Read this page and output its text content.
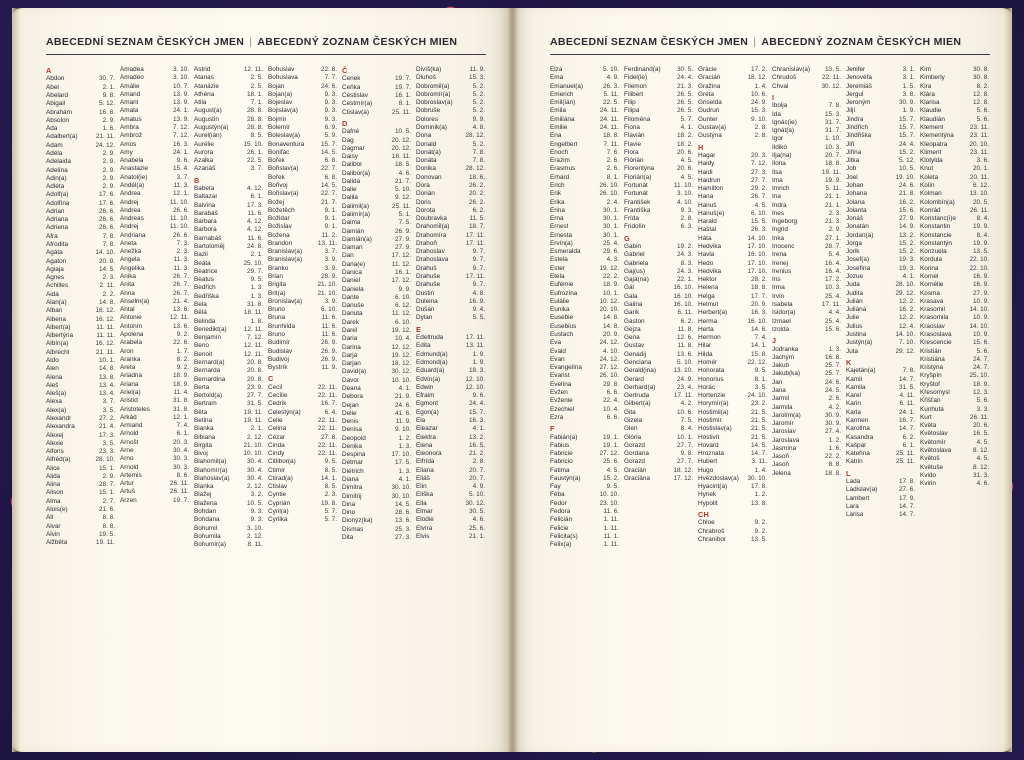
ABECEDNÍ SEZNAM ČESKÝCH JMEN | ABECEDNÝ ZOZNAM ČESKÝCH MIEN
A
Abdon	30. 7.
Ábel	2. 1.
Abelard	9. 8.
Abigail	5. 12.
Abrahám	16. 8.
Absolon	2. 9.
Áda	1. 6.
Adalbert(a)	21. 11.
Adam	24. 12.
Adéla	2. 9.
Adelaida	2. 9.
Adelína	2. 9.
Adin(a)	2. 9.
Adléta	2. 9.
Adolf(a)	17. 6.
Adolfína	17. 6.
Adrian	26. 6.
Adriana	26. 6.
Adriena	26. 6.
Afra	7. 8.
Afrodita	7. 8.
Agáta	14. 10.
Agaton	20. 9.
Agiaja	14. 5.
Agnes	2. 3.
Achilles	2. 11.
Aida	2. 2.
Alan(a)	14. 8.
Alban	16. 12.
Albena	16. 12.
Albert(a)	11. 11.
Albertýna	11. 11.
Albín(a)	16. 12.
Albrecht	21. 11.
Aldo	10. 1.
Alen	14. 8.
Alena	13. 8.
Aleš	13. 4.
Aleš(a)	13. 4.
Alexa	3. 7.
Alex(a)	3. 5.
Alexandr	27. 2.
Alexandra	21. 4.
Alexej	17. 3.
Alexie	3. 5.
Alfons	23. 3.
Alfréd(a)	28. 10.
Alice	15. 1.
Alida	2. 9.
Alina	28. 7.
Alison	15. 1.
Alma	2. 7.
Alois(e)	21. 6.
Alt	8. 8.
Alvar	8. 8.
Alvin	19. 5.
Alžběta	19. 11.
Amadea	3. 10.
Amadeo	3. 10.
Amálie	10. 7.
Amand	13. 9.
Amant	13. 9.
Amata	24. 1.
Amatus	13. 9.
Ambra	7. 12.
Ambrož	7. 12.
Amos	16. 3.
Amy	24. 1.
Anabela	9. 6.
Anastazie	15. 4.
Anatol(ie)	3. 7.
Andél(a)	11. 3.
Andrea	12. 1.
Andrej	11. 10.
Andrea	26. 6.
Andreas	11. 10.
Andrej	11. 10.
Andriana	26. 6.
Aneta	7. 3.
Anežka	2. 3.
Angela	11. 3.
Angelika	11. 3.
Anika	26. 7.
Anita	26. 7.
Anna	26. 7.
Anselm(a)	21. 4.
Antal	13. 6.
Antonie	12. 11.
Antonín	13. 6.
Apolena	9. 2.
Arabela	22. 6.
Áron	1. 7.
Aranka	8. 2.
Areta	9. 2.
Ariadna	18. 9.
Ariana	18. 9.
Ariel(a)	11. 4.
Aristid	31. 8.
Aristoteles	31. 8.
Arkád	12. 1.
Armand	7. 4.
Arnold	6. 1.
Arnošt	20. 3.
Arne	30. 4.
Arno	30. 3.
Arnold	30. 3.
Artemis	8. 6.
Artur	26. 11.
Artuš	26. 11.
Arzen	19. 7.
Astrid	12. 11.
Atanas	2. 5.
Atanázie	2. 5.
Athéna	18. 1.
Atila	7. 1.
August(a)	28. 8.
Augustin	28. 8.
Augustýn(a)	28. 8.
Aurel(ián)	8. 5.
Aurélie	15. 10.
Aurora	26. 1.
Azalka	22. 5.
Azariáš	3. 7.
B
Babeta	4. 12.
Baltazar	6. 1.
Balvína	17. 3.
Barabáš	11. 6.
Barbara	4. 12.
Barbora	4. 12.
Barnabáš	11. 6.
Bartoloměj	24. 8.
Bazil	2. 1.
Beáta	25. 10.
Beatrice	29. 7.
Beatus	9. 5.
Bedřich	1. 3.
Bedřiška	1. 3.
Bela	31. 8.
Bělá	18. 11.
Belinda	1. 8.
Benedikt(a)	12. 11.
Benjamín	7. 12.
Beno	12. 11.
Benoit	12. 11.
Bernard(a)	20. 8.
Bernarda	20. 8.
Bernardina	20. 8.
Berta	23. 9.
Bertold(a)	27. 7.
Bertram	31. 5.
Běta	19. 11.
Betina	19. 11.
Bianka	2. 1.
Bibiana	2. 12.
Birgita	21. 10.
Bivoj	10. 10.
Blahomil(a)	30. 4.
Blahomír(a)	30. 4.
Blahoslav(a)	30. 4.
Blanka	2. 12.
Blažej	3. 2.
Blažena	10. 5.
Bohdan	9. 3.
Bohdana	9. 3.
Bohumil	3. 10.
Bohumila	2. 12.
Bohumír(a)	8. 11.
Bohuslav	22. 8.
Bohuslava	7. 7.
Bojan	24. 6.
Bojan(a)	9. 3.
Bojeslav	9. 3.
Bojislav(a)	9. 3.
Bojmír	9. 3.
Bolemír	6. 9.
Boleslav(a)	5. 9.
Bonaventura	15. 7.
Bonifác	14. 5.
Bořek	6. 8.
Bořislav(a)	22. 7.
Bořek	6. 8.
Bořivoj	14. 5.
Bořislav(a)	22. 7.
Božej	21. 7.
Božetěch	9. 1.
Božidar	9. 1.
Božislav	9. 1.
Božena	11. 2.
Brandon	13. 11.
Branislav(a)	3. 7.
Branislav(a)	3. 9.
Branko	3. 9.
Brian	28. 9.
Brigita	21. 10.
Brit(a)	21. 10.
Bronislav(a)	3. 9.
Bruno	6. 10.
Bruna	11. 6.
Brunhilda	11. 6.
Bruno	11. 6.
Budimír	26. 9.
Budislav	26. 9.
Budivoj	26. 9.
Bystrík	11. 9.
C
Cecil	22. 11.
Cecílie	22. 11.
Cedrik	16. 7.
Celestýn(a)	6. 4.
Celie	22. 11.
Celina	22. 11.
Cézar	27. 8.
Cinda	22. 11.
Cindy	22. 11.
Citlibor(a)	9. 5.
Ctimír	8. 5.
Ctirad(a)	14. 1.
Ctislav	8. 5.
Cyntie	2. 3.
Cyprián	19. 8.
Cyril(a)	5. 7.
Cyrilka	5. 7.
Č
Čenek	19. 7.
Čeňka	19. 7.
Čestislav	16. 1.
Čestmír(a)	8. 1.
Ctislav(a)	25. 11.
D
Dafné	10. 5.
Dag	20. 12.
Dagmar	20. 12.
Daisy	16. 11.
Dalibor	18. 5.
Dalibor(a)	4. 6.
Dalida	21. 7.
Dalie	5. 10.
Dalila	9. 12.
Dalimil(a)	25. 11.
Dalimír(a)	5. 1.
Dalma	7. 5.
Damián	26. 9.
Damián(a)	27. 9.
Daman	27. 9.
Dan	17. 12.
Dana(e)	11. 12.
Danica	16. 1.
Daniel	17. 12.
Daniela	9. 9.
Dante	6. 10.
Danuše	6. 12.
Danuta	11. 12.
Darek	6. 10.
Darel	19. 12.
Daria	10. 4.
Darina	12. 12.
Darja	19. 12.
Darjan	18. 12.
David(a)	30. 12.
Davor	10. 10.
Deana	4. 1.
Debora	21. 9.
Dejan	24. 6.
Delie	41. 6.
Denis	11. 9.
Denisa	9. 10.
Deopold	1. 2.
Denika	1. 3.
Despina	17. 10.
Détmar	17. 5.
Diétrich	1. 3.
Diana	4. 1.
Dimitra	30. 10.
Dimitrij	30. 10.
Dina	14. 5.
Dino	28. 6.
Dionýz(ka)	13. 6.
Dismas	25. 3.
Dita	27. 3.
Divíš(ka)	11. 9.
Dluhoš	15. 3.
Dobromil(a)	5. 2.
Dobromír(a)	5. 2.
Dobroslav(a)	5. 2.
Dobruše	5. 2.
Dolores	9. 9.
Dominik(a)	4. 8.
Dona	28. 12.
Donald	5. 2.
Donát(a)	7. 8.
Donáta	7. 8.
Donika	28. 12.
Donovan	18. 6.
Dora	26. 2.
Dorián	20. 2.
Doris	26. 2.
Dorota	6. 2.
Doubravka	11. 5.
Drahomil(a)	18. 7.
Drahomíra	17. 11.
Drahoň	17. 11.
Drahoslav	9. 7.
Drahoslava	9. 7.
Drahuš	9. 7.
Drahuše	17. 11.
Drahuše	9. 7.
Dustin	4. 8.
Duleina	16. 9.
Dušan	9. 4.
Dylan	5. 5.
E
Edeltruda	17. 11.
Edita	13. 11.
Edmund(a)	1. 9.
Edmond(a)	1. 9.
Eduard(a)	18. 3.
Edvín(a)	12. 10.
Edwin	12. 10.
Efraim	9. 6.
Egmont	24. 4.
Egon(a)	15. 7.
Ela	16. 3.
Eleazar	4. 1.
Elektra	13. 2.
Elena	16. 5.
Eleonora	21. 2.
Elfrída	2. 8.
Eliana	20. 7.
Eliáš	20. 7.
Elin	4. 9.
Eliška	5. 10.
Ella	30. 12.
Elmar	30. 5.
Elodie	4. 6.
Elvíra	25. 6.
Elvis	21. 1.
ABECEDNÍ SEZNAM ČESKÝCH JMEN | ABECEDNÝ ZOZNAM ČESKÝCH MIEN
Elza	5. 10.
Ema	4. 9.
Emanuel(a)	26. 3.
Emerich	5. 11.
Emil(ián)	22. 5.
Emila	24. 11.
Emiliána	24. 11.
Emilie	24. 11.
Ena	18. 8.
Engelbert	7. 11.
Enoch	7. 6.
Erazim	2. 6.
Erasmus	2. 6.
Erhard	8. 1.
Erich	26. 10.
Erik	26. 10.
Erika	2. 4.
Erina	30. 1.
Erna	30. 1.
Ernest	30. 1.
Ernesta	30. 1.
Ervín(a)	25. 4.
Esmeralda	29. 6.
Estela	4. 3.
Ester	19. 12.
Etela	22. 2.
Eufémie	18. 9.
Eufrozína	10. 1.
Eulálie	10. 12.
Eunika	20. 10.
Eusebie	14. 8.
Eusebius	14. 8.
Eustach	20. 9.
Eva	24. 12.
Evald	4. 10.
Evan	24. 12.
Evangelína	27. 12.
Evarist	26. 10.
Evelína	29. 8.
Evžen	6. 6.
Evženie	22. 4.
Ezechiel	10. 4.
Ezra	6. 6.
F
Fabián(a)	19. 1.
Fabius	19. 1.
Fabricie	27. 12.
Fabricio	25. 6.
Fatima	4. 5.
Faustýn(a)	15. 2.
Fay	9. 5.
Féba	10. 10.
Fedor	23. 10.
Fedora	11. 6.
Felicián	1. 11.
Felicie	1. 11.
Felicita(s)	11. 1.
Felix(a)	1. 11.
Ferdinand(a)	30. 5.
Fidel(ie)	24. 4.
Filemon	21. 3.
Filibert	26. 5.
Filip	26. 5.
Filipa	26. 5.
Filoména	5. 7.
Fiona	4. 1.
Flavián	18. 2.
Flavie	18. 2.
Flora	20. 6.
Flórián	4. 5.
Florentýna	20. 6.
Florián(a)	4. 5.
Fortunát	11. 10.
Fortunát	3. 10.
František	4. 10.
Františka	9. 3.
Frída	2. 8.
Fridolín	6. 3.
G
Gabin	19. 2.
Gabriel	24. 3.
Gabriela	8. 3.
Gaj(us)	24. 3.
Gaja(na)	22. 1.
Gál	16. 10.
Gala	16. 10.
Galina	16. 10.
Garik	6. 11.
Gaston	6. 2.
Gejza	11. 8.
Gena	12. 6.
Gustav	11. 8.
Genadij	13. 6.
Genciana	5. 10.
Gerald(ina)	13. 10.
Gerard	24. 9.
Gerhard(a)	23. 4.
Gertruda	17. 11.
Gilbert(a)	4. 2.
Gita	10. 6.
Gizela	7. 5.
Glen	8. 4.
Glória	10. 1.
Gorazd	27. 7.
Gordana	9. 8.
Gorazd	27. 7.
Gracián	18. 12.
Graciána	17. 12.
Grácie	17. 2.
Gracián	18. 12.
Gražina	1. 4.
Gréta	10. 6.
Griselda	24. 9.
Gudrun	15. 3.
Gunter	9. 10.
Gustav(a)	2. 8.
Gustýna	2. 8.
H
Hagar	20. 3.
Haidy	7. 12.
Haidi	27. 3.
Haidrun	27. 7.
Hamilton	29. 2.
Hana	26. 7.
Hanuš	4. 5.
Hanuš(e)	6. 10.
Harald	15. 5.
Haštal	26. 3.
Háta	14. 10.
Hedvika	17. 10.
Havla	16. 10.
Hedo	17. 10.
Hedvika	17. 10.
Hektor	28. 2.
Helena	18. 8.
Helga	17. 7.
Helmut	20. 9.
Herbert(a)	16. 3.
Herma	16. 10.
Herta	14. 6.
Hermon	7. 4.
Hilar	14. 1.
Hilda	15. 8.
Homér	22. 12.
Honorata	9. 5.
Honorius	8. 1.
Horác	3. 5.
Hortenzie	24. 10.
Horymír(a)	23. 2.
Hostimil(a)	21. 5.
Hostimír	21. 5.
Hostislav(a)	21. 5.
Hostivít	21. 5.
Hovard	14. 5.
Hroznata	14. 7.
Hubert	3. 11.
Hugo	1. 4.
Hvězdoslav(a)	30. 10.
Hyacint(a)	17. 8.
Hynek	1. 2.
Hypolit	13. 8.
CH
Chloe	9. 2.
Chrabroš	9. 2.
Chranibor	13. 5.
Chranislav(a)	13. 5.
Chrudoš	22. 11.
Chval	30. 12.
I
Ibolja	7. 8.
Ida	15. 3.
Ignác(ie)	31. 7.
Ignát(a)	31. 7.
Igor	1. 10.
Ildikó	10. 3.
Ilja(na)	20. 7.
Ilona	18. 8.
Ilsa	19. 11.
Ima	19. 9.
Imrich	5. 11.
Ina	21. 1.
Indra	21. 1.
Ines	2. 3.
Ingeborg	21. 3.
Ingrid	2. 9.
Inka	27. 1.
Inocenc	28. 7.
Irena	5. 4.
Irenej	16. 4.
Irenius	16. 4.
Iris	17. 2.
Irma	10. 3.
Irvin	25. 4.
Isabela	17. 11.
Isidor(a)	4. 4.
Izmael	25. 4.
Izolda	15. 6.
J
Jodranka	1. 3.
Jachým	16. 8.
Jakub	25. 7.
Jakub(ka)	25. 7.
Jan	24. 6.
Jana	24. 5.
Jarmil	2. 6.
Jarmila	4. 2.
Jarolím(a)	30. 9.
Jaromír	30. 9.
Jaroslav	27. 4.
Jaroslava	1. 2.
Jasmína	1. 6.
Jasoň	22. 2.
Jasoň	8. 8.
Jelena	18. 8.
Jenifer	3. 1.
Jenovéfa	3. 1.
Jeremiáš	1. 5.
Jergul	3. 8.
Jeroným	30. 9.
Jiljí	1. 9.
Jindra	15. 7.
Jindřich	15. 7.
Jindřiška	15. 7.
Jiří	24. 4.
Jiřina	15. 2.
Jitka	5. 12.
Job	10. 5.
Joel	19. 10.
Johan	24. 6.
Johana	21. 8.
Jolana	16. 2.
Jolanta	15. 6.
Jonáš	27. 9.
Jonatán	14. 9.
Jordan(a)	13. 2.
Jorga	15. 2.
Jorik	15. 2.
Josef(a)	19. 3.
Josefína	19. 3.
Jozue	4. 1.
Juda	28. 10.
Judita	29. 12.
Julián	12. 2.
Juliána	16. 2.
Julie	12. 2.
Julius	12. 4.
Justina	14. 10.
Justýn(a)	7. 10.
Juta	29. 12.
K
Kajetán(a)	7. 8.
Kamil	14. 7.
Kamila	31. 5.
Karel	4. 11.
Karin	6. 11.
Karla	24. 1.
Karmen	16. 7.
Karolína	14. 7.
Kasandra	6. 2.
Kašpar	6. 1.
Kateřina	25. 11.
Katrin	25. 11.
L
Lada	17. 8.
Ladislav(a)	27. 6.
Lambert	17. 9.
Lara	14. 7.
Larisa	14. 7.
Kim	30. 8.
Kimberly	30. 8.
Kira	8. 2.
Klára	12. 8.
Klarisa	12. 8.
Klaudie	5. 6.
Klaudián	5. 6.
Klement	23. 11.
Klementýna	23. 11.
Kleopatra	20. 10.
Kliment	23. 11.
Klotylda	3. 6.
Knut	20. 1.
Koleta	20. 11.
Kolín	6. 12.
Kolman	13. 10.
Kolombín(a)	20. 5.
Konrád	26. 11.
Konstanc(i)e	8. 4.
Konstantin	19. 9.
Konstancie	8. 4.
Konstantýn	19. 9.
Konzuela	13. 5.
Kordula	22. 10.
Korina	22. 10.
Kornel	16. 9.
Kornélie	16. 9.
Kosma	27. 9.
Krasava	10. 9.
Krasomil	14. 10.
Krasomila	10. 9.
Kraoslav	14. 10.
Krasoslava	10. 9.
Krescencie	15. 6.
Kristián	5. 6.
Kristiána	24. 7.
Kristýna	24. 7.
Kryšpín	25. 10.
Kryštof	18. 9.
Křesomysl	12. 3.
Křišťan	5. 6.
Kunhuta	3. 3.
Kurt	26. 11.
Květa	20. 6.
Květoslav	16. 5.
Květomír	4. 5.
Květoslava	8. 12.
Květoš	4. 5.
Květuše	8. 12.
Kvido	31. 3.
Kvirin	4. 6.
